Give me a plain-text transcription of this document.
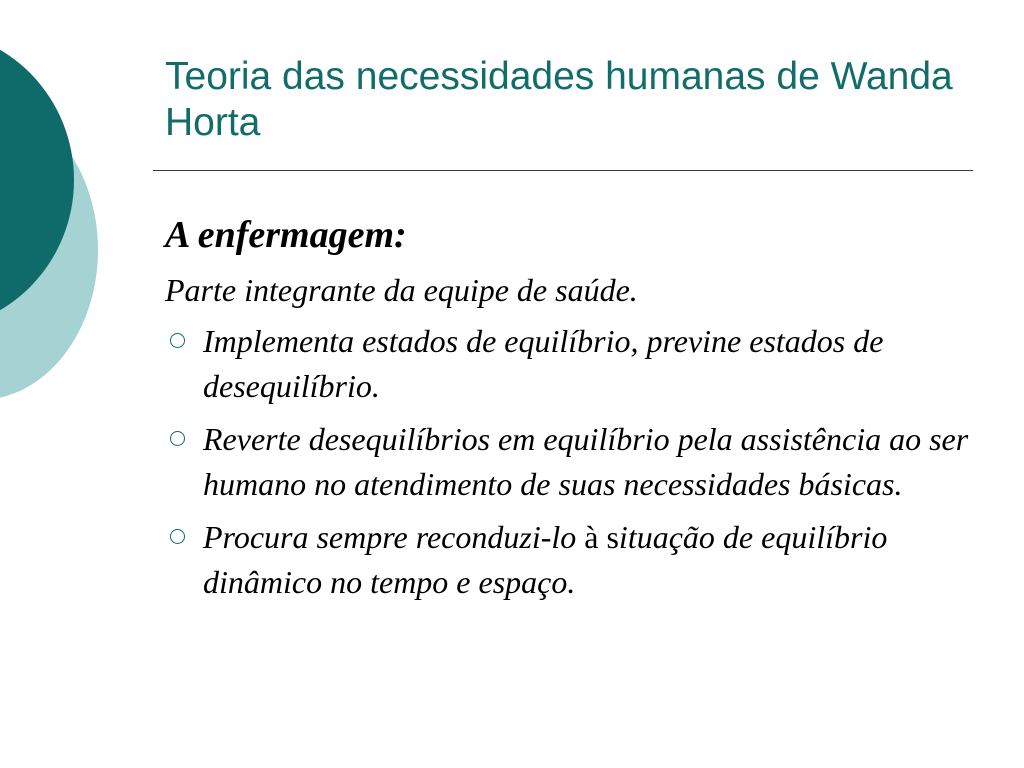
Teoria das necessidades humanas de Wanda Horta
A enfermagem:
Parte integrante da equipe de saúde.
Implementa estados de equilíbrio, previne estados de desequilíbrio.
Reverte desequilíbrios em equilíbrio pela assistência ao ser humano no atendimento de suas necessidades básicas.
Procura sempre reconduzi-lo à situação de equilíbrio dinâmico no tempo e espaço.
